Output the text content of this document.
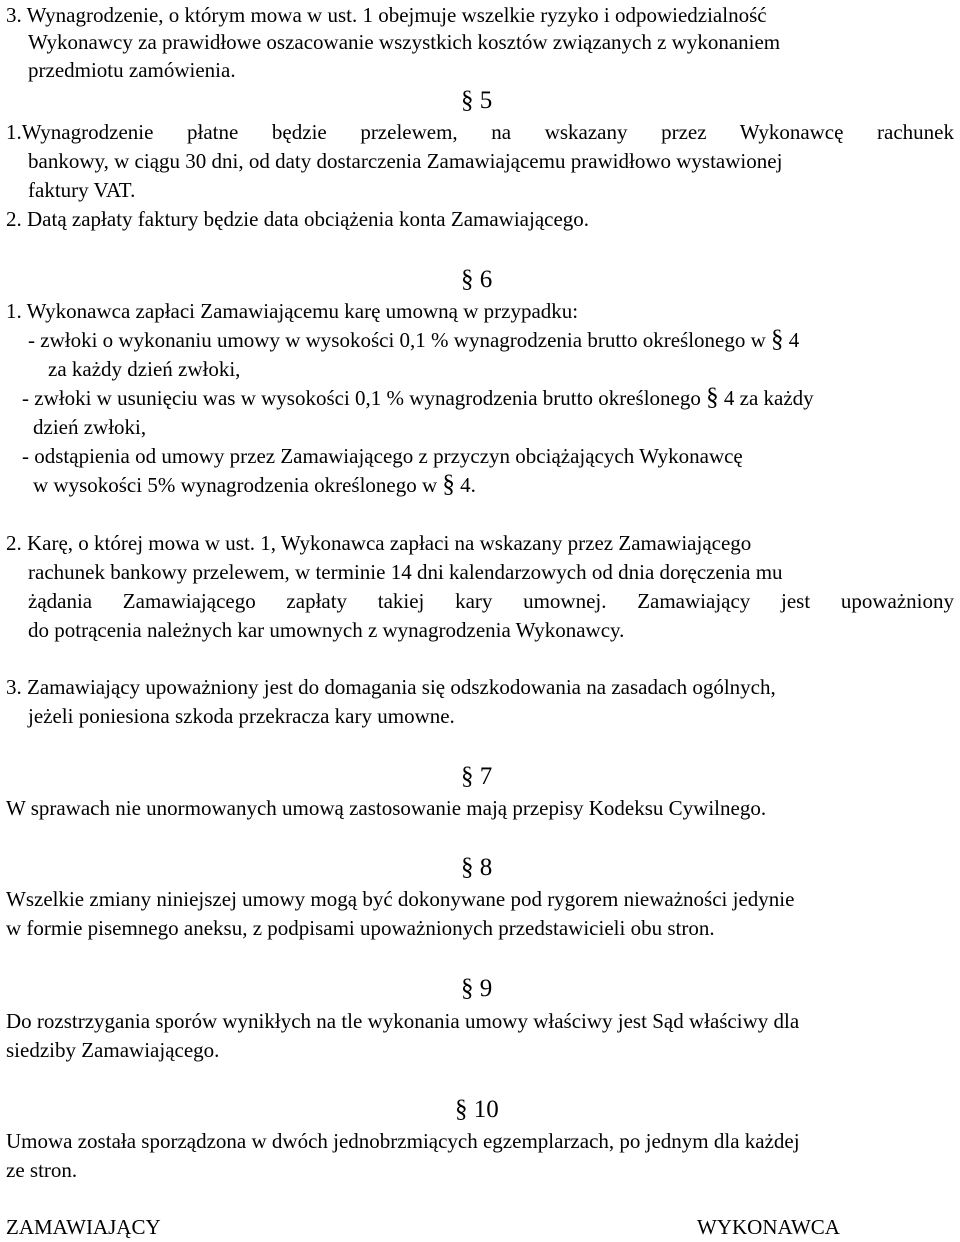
3. Wynagrodzenie, o którym mowa w ust. 1 obejmuje wszelkie ryzyko i odpowiedzialność
Wykonawcy za prawidłowe oszacowanie wszystkich kosztów związanych z wykonaniem
przedmiotu zamówienia.
§ 5
1.Wynagrodzenie płatne będzie przelewem, na wskazany przez Wykonawcę rachunek
bankowy, w ciągu 30 dni, od daty dostarczenia Zamawiającemu prawidłowo wystawionej
faktury VAT.
2. Datą zapłaty faktury będzie data obciążenia konta Zamawiającego.
§ 6
1. Wykonawca zapłaci Zamawiającemu karę umowną w przypadku:
- zwłoki o wykonaniu umowy w wysokości 0,1 % wynagrodzenia brutto określonego w § 4
za każdy dzień zwłoki,
- zwłoki w usunięciu was w wysokości 0,1 % wynagrodzenia brutto określonego § 4 za każdy
dzień zwłoki,
- odstąpienia od umowy przez Zamawiającego z przyczyn obciążających Wykonawcę
w wysokości 5% wynagrodzenia określonego w § 4.
2. Karę, o której mowa w ust. 1, Wykonawca zapłaci na wskazany przez Zamawiającego
rachunek bankowy przelewem, w terminie 14 dni kalendarzowych od dnia doręczenia mu
żądania Zamawiającego zapłaty takiej kary umownej. Zamawiający jest upoważniony
do potrącenia należnych kar umownych z wynagrodzenia Wykonawcy.
3. Zamawiający upoważniony jest do domagania się odszkodowania na zasadach ogólnych,
jeżeli poniesiona szkoda przekracza kary umowne.
§ 7
W sprawach nie unormowanych umową zastosowanie mają przepisy Kodeksu Cywilnego.
§ 8
Wszelkie zmiany niniejszej umowy mogą być dokonywane pod rygorem nieważności jedynie
w formie pisemnego aneksu, z podpisami upoważnionych przedstawicieli obu stron.
§ 9
Do rozstrzygania sporów wynikłych na tle wykonania umowy właściwy jest Sąd właściwy dla
siedziby Zamawiającego.
§ 10
Umowa została sporządzona w dwóch jednobrzmiących egzemplarzach, po jednym dla każdej
ze stron.
ZAMAWIAJĄCY	WYKONAWCA
